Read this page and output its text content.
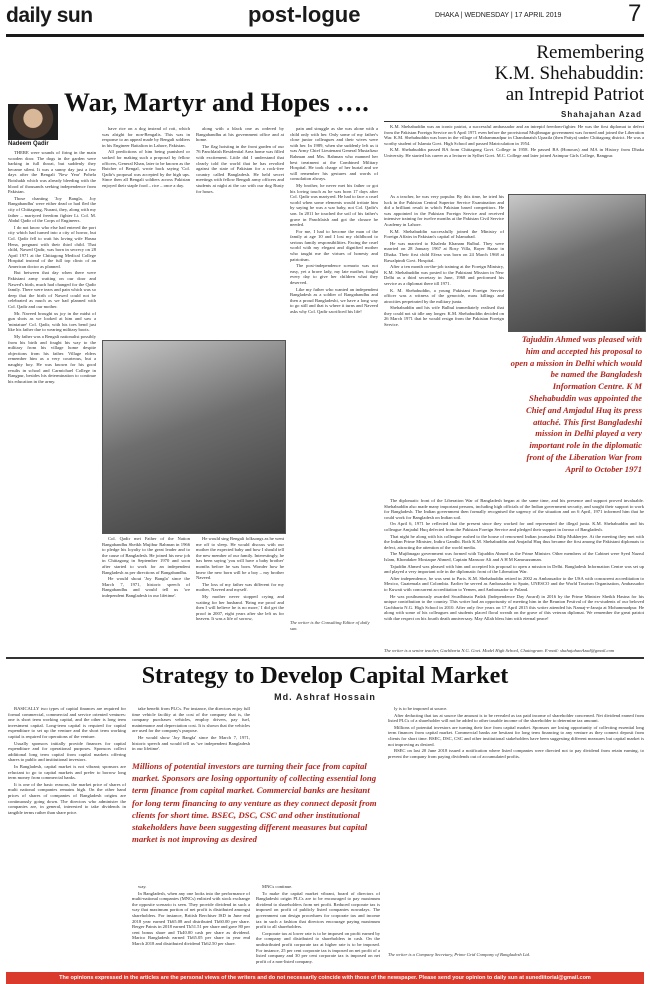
daily sun	post-logue	DHAKA | WEDNESDAY | 17 APRIL 2019	7
Nadeem Qadir
War, Martyr and Hopes ….

THERE were sounds of firing in the main wooden door. The dogs in the garden were barking in full throat, but suddenly they became silent. It was a sunny day just a few days after the Bengali 'New Year' Pohela Boishakh which was already bleeding with the blood of thousands seeking independence from Pakistan.

Those chanting 'Joy Bangla, Joy Bangabandhu' were either dead or had fled the city of Chittagong, Nurani, they, along with my father – martyred freedom fighter Lt. Col. M. Abdul Qadir of the Corps of Engineers.

I do not know who else had entered the port city which had turned into a city of horror, but Col. Qadir fell to wait his loving wife Hasna Hena, pregnant with their third child. That child, Nawed Qadir, was born in secrecy on 28 April 1971 at the Chittagong Medical College Hospital instead of the full top clinic of an American doctor as planned.

But between that day when there were Pakistani army waiting on our door and Nawed's birth, much had changed for the Qadir family. There were tears and pain which was so deep that the birth of Nawed could not be celebrated as much as we had planned with Col. Qadir and our mother.

Mr. Naveed brought us joy in the midst of gun shots as we looked at him and saw a 'miniature' Col. Qadir, with his toes bend just like his father due to wearing military boots.

My father was a Bengali nationalist possibly from his birth and fought his way to the military from his village home despite objections from his father. Village elders remember him as a very courteous, but a naughty boy. He was known for his good results in school and Carmichael College in Rangpur, besides his determination to continue his education in the army.

have rice on a dog instead of roti, which was alright for non-Bengalis. This was in response to an appeal made by Bengali soldiers in his Engineer Battalion in Lahore, Pakistan.

All predictions of him being punished or sacked for making such a proposal by fellow officers, General Khan, later to be known as the Butcher of Bengal, wrote back saying 'Col. Qadir's proposal was accepted by the high ups. Since then all Bengali soldiers across Pakistan enjoyed their staple food – rice – once a day.

along with a black one as ordered by Bangabandhu at his government office and at home.

The flag hoisting in the front garden of our 76 Panchlaish Residential Area home was filled with excitement. Little did I understand that clearly told the world that he has revolted against the state of Pakistan for a rock-free country called Bangladesh. He held secret meetings with fellow Bengali army officers and students at night at the car with our dog Rusty for hours.

Col. Qadir met Father of the Nation Bangabandhu Sheikh Mujibur Rahman in 1966 to pledge his loyalty to the great leader and to the cause of Bangladesh. He joined his new job in Chittagong in September 1970 and soon after started to work for an independent Bangladesh as per directions of Bangabandhu.

He would shout 'Joy Bangla' since the March 7, 1971, historic speech of Bangabandhu and would tell us 'we independent Bangladesh in our lifetime'.

He would sing Bengali folksongs as he went me off to sleep. He would discuss with our mother the expected baby and how I should tell the new member of our family. Interestingly, he has been saying 'you will have a baby brother' months before he was born. Wonder how he knew the new born will be a boy – my brother Naveed.

The loss of my father was different for my mother, Naveed and myself.

My mother never stopped crying and waiting for her husband. 'Bring me proof and then I will believe he is no more,' I did get the proof in 2007, eight years after she left us for heaven. It was a life of sorrow,

pain and struggle as she was alone with a child only with her. Only some of my father's close junior colleagues and their wives were with her. In 1989, when she suddenly left us it was Army Chief Lieutenant General Mustafizur Rahman and Mrs. Rahman who manned her best treatment at the Combined Military Hospital. He took charge of her burial and we will remember his gestures and words of consolation always.

My brother, he never met his father or got his loving touch as he was born 17 days after Col. Qadir was martyred. He had to face a cruel world when some elements would irritate him by saying he was a war baby, not Col. Qadir's son. In 2011 he touched the soil of his father's grave in Panchlaish and got the closure he needed.

For me, I had to become the man of the family at age 10 and I lost my childhood to serious family responsibilities. Facing the cruel world with my elegant and dignified mother who taught me the virtues of honesty and patriotism.

The post-independence scenario was not easy, yet a brave lady, my late mother, fought every day to give her children what they deserved.

Like my father who wanted an independent Bangladesh as a soldier of Bangabandhu and then a proud Bangladeshi, we have a long way to go still and that is where it turns and Naveed asks why Col. Qadir sacrificed his life!

The writer is the Consulting Editor of daily sun.
Remembering
K.M. Shehabuddin:
an Intrepid Patriot
Shahajahan Azad

K.M. Shehabuddin was an iconic patriot, a successful ambassador and an intrepid freedom-fighter. He was the first diplomat to defect from the Pakistan Foreign Service on 6 April 1971 even before the provisional Mujibnagar government was formed and joined the Liberation War. K.M. Shehabuddin was born in the village of Mohammadpur in Chandanaish Upazila (then Patiya) under Chittagong district. He was a worthy student of Islamia Govt. High School and passed Matriculation in 1954.

K.M. Shehabuddin passed BA from Chittagong Govt. College in 1958. He passed BA (Honours) and MA in History from Dhaka University. He started his career as a lecturer in Sylhet Govt. M.C. College and later joined Azimpur Girls College, Rangpur.

As a teacher, he was very popular. By this time, he tried his luck in the Pakistan Central Superior Service Examination and did a brilliant result in which Pakistan based competitors. He was appointed in the Pakistan Foreign Service and received intensive training for twelve months at the Pakistan Civil Service Academy in Lahore.

K.M. Shehabuddin successfully joined the Ministry of Foreign Affairs in Pakistan's capital of Islamabad.

He was married to Khaleda Khanam Bulbul. They were married on 28 January 1967 at Rosy Villa, Rayer Bazar in Dhaka. Their first child Efeza was born on 24 March 1968 at Rawalpindi Govt. Hospital.

After a ten month on-the-job training at the Foreign Ministry, K.M. Shehabuddin was posted to the Pakistani Mission in New Delhi as a third secretary in June, 1968 and performed his service as a diplomat there till 1971.

K. M. Shehabuddin, a young Pakistani Foreign Service officer was a witness of the genocide, mass killings and atrocities perpetrated by the military junta.

Shehabuddin and his wife Bulbul immediately realised that they could not sit idle any longer. K.M. Shehabuddin decided on 26 March 1971 that he would resign from the Pakistan Foreign Service.

Tajuddin Ahmed was pleased with him and accepted his proposal to open a mission in Delhi which would be named the Bangladesh Information Centre. K M Shehabuddin was appointed the Chief and Amjadul Huq its press attaché. This first Bangladeshi mission in Delhi played a very important role in the diplomatic front of the Liberation War from April to October 1971

The diplomatic front of the Liberation War of Bangladesh began at the same time, and his presence and support proved invaluable. Shehabuddin also made many important persons, including high officials of the Indian government security, and sought their support to work for Bangladesh. The Indian government then formally recognised the urgency of the situation and on 6 April, 1971 informed him that he could work for Bangladesh on Indian soil.

On April 6, 1971 he reflected that the present since they worked for and represented the illegal junta. K.M. Shehabuddin and his colleague Amjadul Huq defected from the Pakistan Foreign Service and pledged their support in favour of Bangladesh.

That night he along with his colleague rushed to the house of renowned Indian journalist Dilip Mukherjee. At the meeting they met with the Indian Prime Minister, Indira Gandhi. Both K.M. Shehabuddin and Amjadul Huq thus became the first among the Pakistani diplomats to defect, attracting the attention of the world media.

The Mujibnagar government was formed with Tajuddin Ahmed as the Prime Minister. Other members of the Cabinet were Syed Nazrul Islam, Khondaker Mostaque Ahmed, Captain Mansoor Ali and A H M Kamruzzaman.

Tajuddin Ahmed was pleased with him and accepted his proposal to open a mission in Delhi. Bangladesh Information Centre was set up and played a very important role in the diplomatic front of the Liberation War.

After independence, he was sent to Paris. K.M. Shehabuddin retired in 2002 as Ambassador to the USA with concurrent accreditation to Mexico, Guatemala and Colombia. Earlier he served as Ambassador to Spain, UNESCO and the World Tourism Organisation, Ambassador to Kuwait with concurrent accreditation to Yemen, and Ambassador to Poland.

He was posthumously awarded Swadhinata Padak (Independence Day Award) in 2016 by the Prime Minister Sheikh Hasina for his unique contribution to the country. This writer had an opportunity of meeting him in the Reunion Festival of the ex-students of our beloved Gachbaria N.G. High School in 2010. After only five years on 17 April 2015 this writer attended his Namaj-e-Janaja at Mohammadpur. He along with some of his colleagues and students placed floral wreath on the grave of this veteran diplomat. We remember the great patriot with due respect on his fourth death anniversary. May Allah bless him with eternal peace!

The writer is a senior teacher, Gachbaria N.G. Govt. Model High School, Chattogram. E-mail: shahajahanAzad@gmail.com
Strategy to Develop Capital Market
Md. Ashraf Hossain

BASICALLY two types of capital finances are required for formal commercial, commercial and service oriented ventures: one is short term working capital, and the other is long term investment capital. Long-term capital is required for capital expenditure to set up the venture and the short term working capital is required for operations of the venture.

Usually sponsors initially provide finances for capital expenditure and for operational purposes. Sponsors collect additional long term capital from capital markets offering shares to public and institutional investors.

In Bangladesh, capital market is not vibrant; sponsors are reluctant to go to capital markets and prefer to borrow long term money from commercial banks.

It is one of the basic reasons, the market price of shares of multi national companies remains high. On the other hand prices of shares of companies of Bangladesh origins are continuously going down. The directors who administer the companies are, in general, interested to take dividends in tangible terms rather than share price.

take benefit from PLCs. For instance, the directors enjoy full time vehicle facility at the cost of the company that is, the company purchases vehicles, employ drivers, pay fuel, maintenance and depreciation cost. It is shown that the vehicles are used for the company's purpose.

He would show 'Joy Bangla' since the March 7, 1971, historic speech and would tell us 'we independent Bangladesh in our lifetime'.

Millions of potential investors are turning their face from capital market. Sponsors are losing opportunity of collecting essential long term finance from capital market. Commercial banks are hesitant for long term financing to any venture as they connect deposit from clients for short time. BSEC, DSC, CSC and other institutional stakeholders have been suggesting different measures but capital market is not improving as desired

way.

In Bangladesh, when any one looks into the performance of multi-national companies (MNCs) enlisted with stock exchange the opposite scenario is seen. They provide dividend in such a way that maximum portion of net profit is distributed amongst shareholders. For instance, British Berchiser ISD in June end 2018 year earned Tk65.08 and distributed Tk60.00 per share. Berger Paints in 2018 earned Tk51.51 per share and gave 80 per cent bonus share and Tk40.00 cash per share as dividend. Marico Bangladesh earned Tk65.05 per share in year end March 2018 and distributed dividend Tk62.50 per share.

MNCs continue.

To make the capital market vibrant, board of directors of Bangladeshi origin PLCs are to be encouraged to pay maximum dividend to shareholders from net profit. Reduced corporate tax is imposed on profit of publicly listed companies nowadays. The government can design procedures for corporate tax and income tax in such a fashion that directors encourage paying maximum profit to all shareholders.

Corporate tax at lower rate is to be imposed on profit earned by the company and distributed to shareholders in cash. On the undistributed profit corporate tax at higher rate is to be imposed. For instance, 25 per cent corporate tax is imposed on net profit of a listed company and 30 per cent corporate tax is imposed on net profit of a non-listed company.

ly is to be imposed at source.

After deducting that tax at source the amount is to be revealed as tax paid income of shareholder concerned. Net dividend earned from listed PLCs of a shareholder will not be added to other taxable income of the shareholder to determine tax amount.

Millions of potential investors are turning their face from capital market. Sponsors are losing opportunity of collecting essential long term finances from capital market. Commercial banks are hesitant for long term financing to any venture as they connect deposit from clients for short time. BSEC, DSC, CSC and other institutional stakeholders have been suggesting different measures but capital market is not improving as desired.

BSEC on last 20 June 2018 issued a notification where listed companies were directed not to pay dividend from retain earning, to prevent the company from paying dividends out of accumulated profits.

The writer is a Company Secretary, Prime Grid Company of Bangladesh Ltd.
The opinions expressed in the articles are the personal views of the writers and do not necessarily coincide with those of the newspaper. Please send your opinion to daily sun at sunediitorial@gmail.com
